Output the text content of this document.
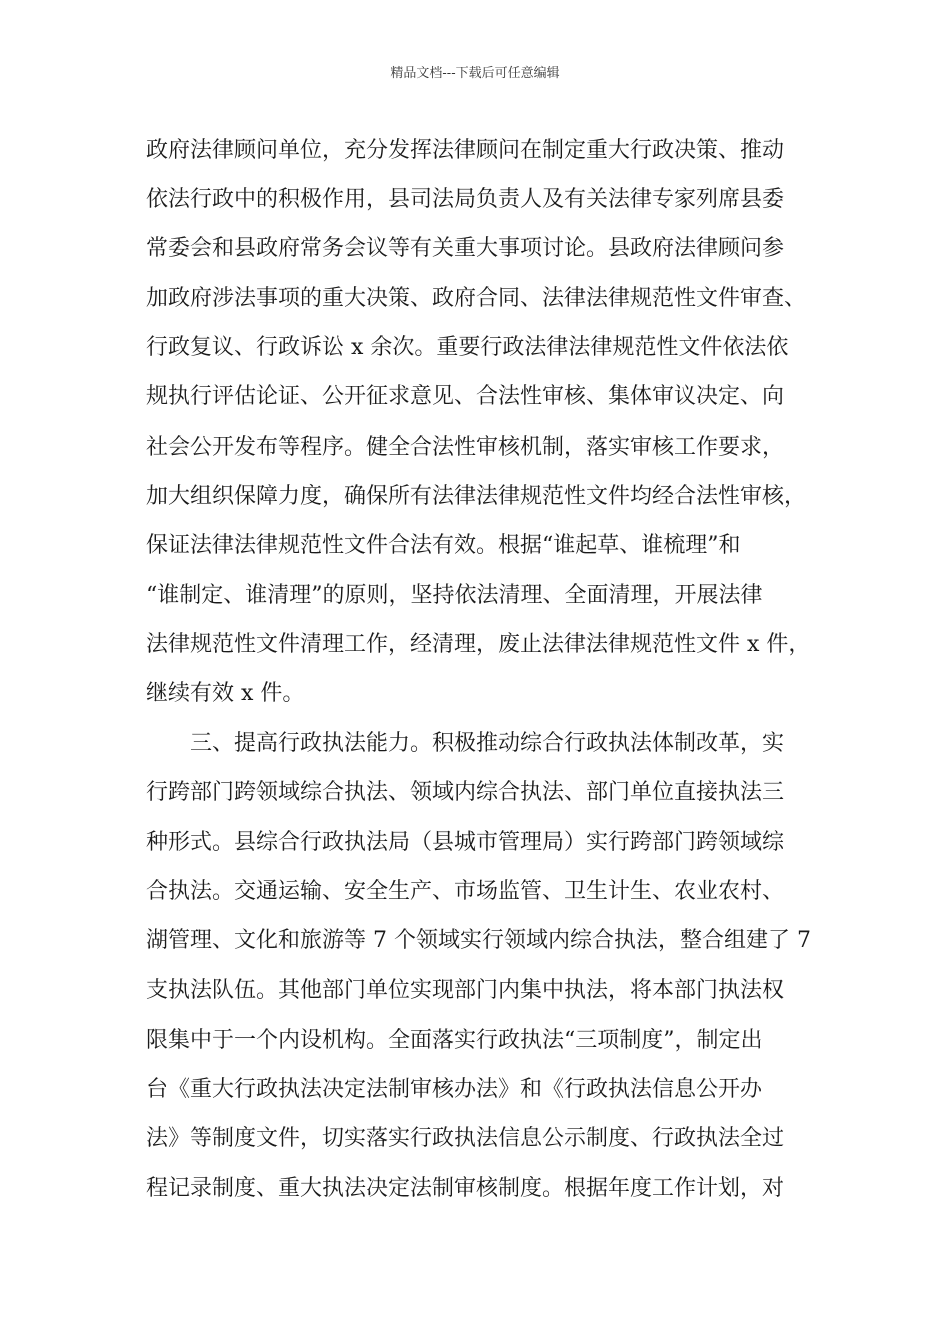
精品文档---下载后可任意编辑
政府法律顾问单位，充分发挥法律顾问在制定重大行政决策、推动
依法行政中的积极作用，县司法局负责人及有关法律专家列席县委
常委会和县政府常务会议等有关重大事项讨论。县政府法律顾问参
加政府涉法事项的重大决策、政府合同、法律法律规范性文件审查、
行政复议、行政诉讼 x 余次。重要行政法律法律规范性文件依法依
规执行评估论证、公开征求意见、合法性审核、集体审议决定、向
社会公开发布等程序。健全合法性审核机制，落实审核工作要求，
加大组织保障力度，确保所有法律法律规范性文件均经合法性审核，
保证法律法律规范性文件合法有效。根据“谁起草、谁梳理”和
“谁制定、谁清理”的原则，坚持依法清理、全面清理，开展法律
法律规范性文件清理工作，经清理，废止法律法律规范性文件 x 件，
继续有效 x 件。
三、提高行政执法能力。积极推动综合行政执法体制改革，实
行跨部门跨领域综合执法、领域内综合执法、部门单位直接执法三
种形式。县综合行政执法局（县城市管理局）实行跨部门跨领域综
合执法。交通运输、安全生产、市场监管、卫生计生、农业农村、
湖管理、文化和旅游等 7 个领域实行领域内综合执法，整合组建了 7
支执法队伍。其他部门单位实现部门内集中执法，将本部门执法权
限集中于一个内设机构。全面落实行政执法“三项制度”，制定出
台《重大行政执法决定法制审核办法》和《行政执法信息公开办
法》等制度文件，切实落实行政执法信息公示制度、行政执法全过
程记录制度、重大执法决定法制审核制度。根据年度工作计划，对
